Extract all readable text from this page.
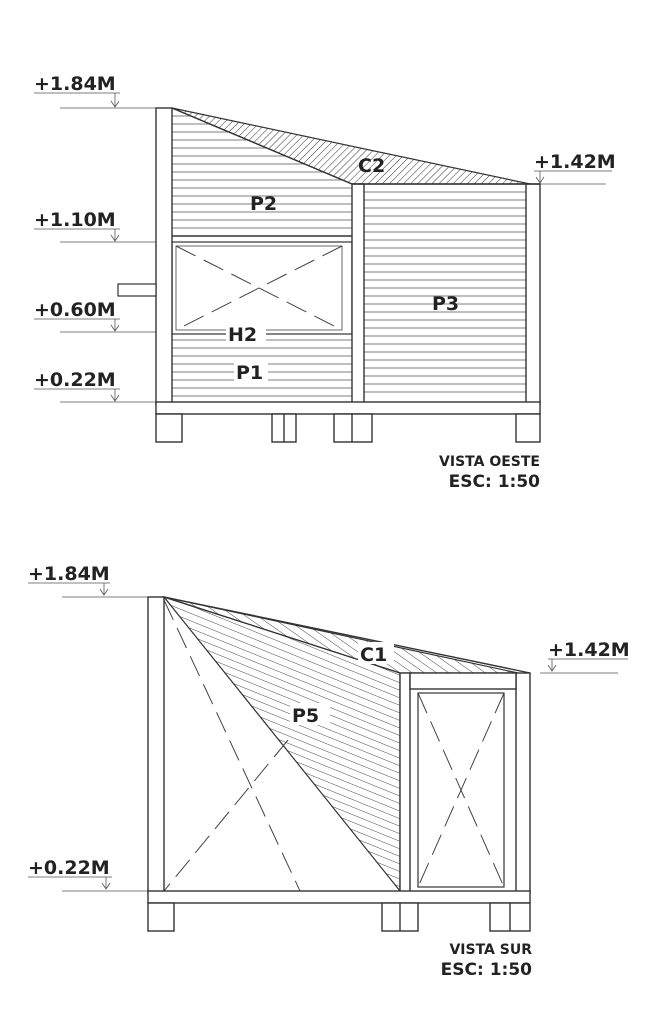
+1.84M
+1.42M
+1.10M
+0.60M
+0.22M
C2
P2
P3
H2
P1
VISTA OESTE
ESC: 1:50
+1.84M
+1.42M
+0.22M
C1
P5
VISTA SUR
ESC: 1:50
